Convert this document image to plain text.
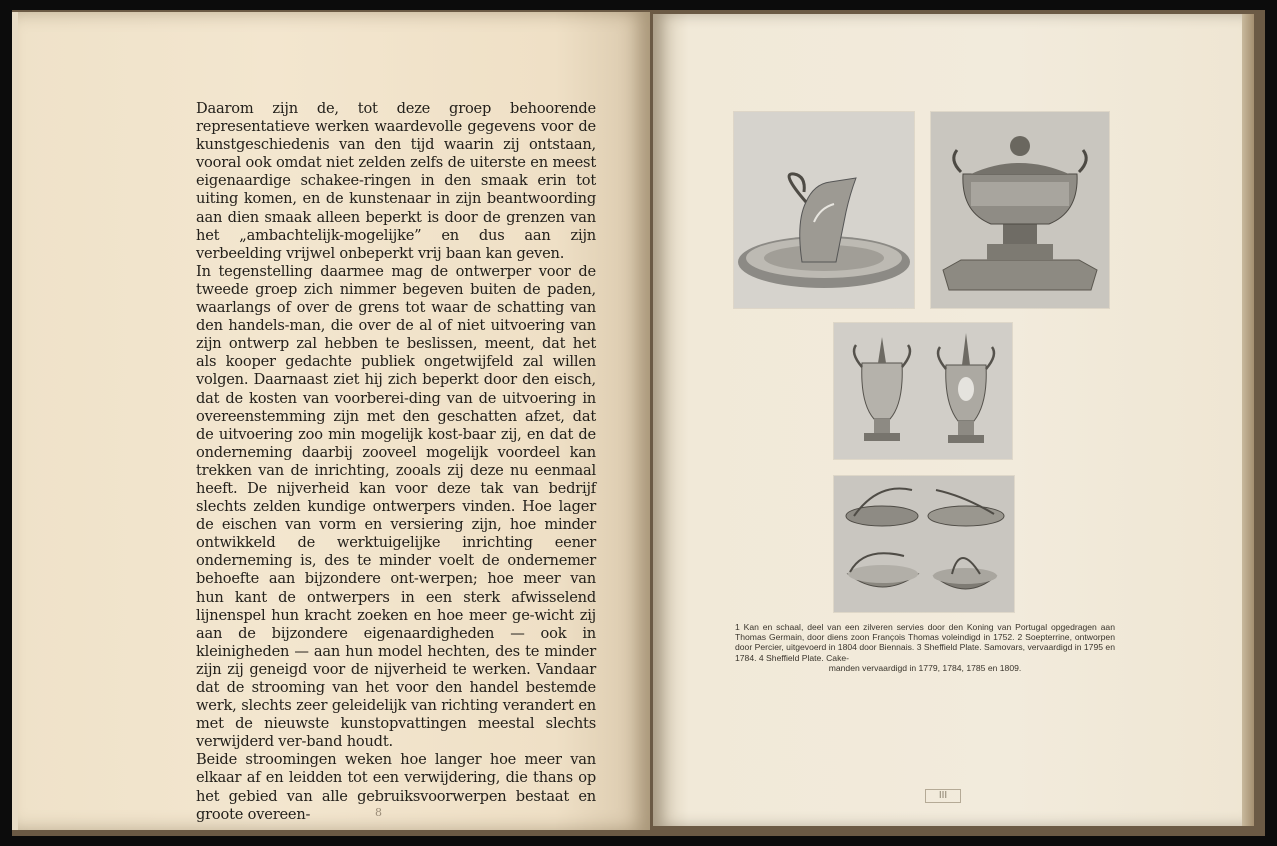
Daarom zijn de, tot deze groep behoorende representatieve werken waardevolle gegevens voor de kunstgeschiedenis van den tijd waarin zij ontstaan, vooral ook omdat niet zelden zelfs de uiterste en meest eigenaardige schakee-ringen in den smaak erin tot uiting komen, en de kunstenaar in zijn beantwoording aan dien smaak alleen beperkt is door de grenzen van het „ambachtelijk-mogelijke” en dus aan zijn verbeelding vrijwel onbeperkt vrij baan kan geven.

In tegenstelling daarmee mag de ontwerper voor de tweede groep zich nimmer begeven buiten de paden, waarlangs of over de grens tot waar de schatting van den handels-man, die over de al of niet uitvoering van zijn ontwerp zal hebben te beslissen, meent, dat het als kooper gedachte publiek ongetwijfeld zal willen volgen. Daarnaast ziet hij zich beperkt door den eisch, dat de kosten van voorberei-ding van de uitvoering in overeenstemming zijn met den geschatten afzet, dat de uitvoering zoo min mogelijk kost-baar zij, en dat de onderneming daarbij zooveel mogelijk voordeel kan trekken van de inrichting, zooals zij deze nu eenmaal heeft. De nijverheid kan voor deze tak van bedrijf slechts zelden kundige ontwerpers vinden. Hoe lager de eischen van vorm en versiering zijn, hoe minder ontwikkeld de werktuigelijke inrichting eener onderneming is, des te minder voelt de ondernemer behoefte aan bijzondere ont-werpen; hoe meer van hun kant de ontwerpers in een sterk afwisselend lijnenspel hun kracht zoeken en hoe meer ge-wicht zij aan de bijzondere eigenaardigheden — ook in kleinigheden — aan hun model hechten, des te minder zijn zij geneigd voor de nijverheid te werken. Vandaar dat de strooming van het voor den handel bestemde werk, slechts zeer geleidelijk van richting verandert en met de nieuwste kunstopvattingen meestal slechts verwijderd ver-band houdt.

Beide stroomingen weken hoe langer hoe meer van elkaar af en leidden tot een verwijdering, die thans op het gebied van alle gebruiksvoorwerpen bestaat en groote overeen-	8
1 Kan en schaal, deel van een zilveren servies door den Koning van Portugal opgedragen aan Thomas Germain, door diens zoon François Thomas voleindigd in 1752. 2 Soepterrine, ontworpen door Percier, uitgevoerd in 1804 door Biennais. 3 Sheffield Plate. Samovars, vervaardigd in 1795 en 1784. 4 Sheffield Plate. Cake-
manden vervaardigd in 1779, 1784, 1785 en 1809.
III
